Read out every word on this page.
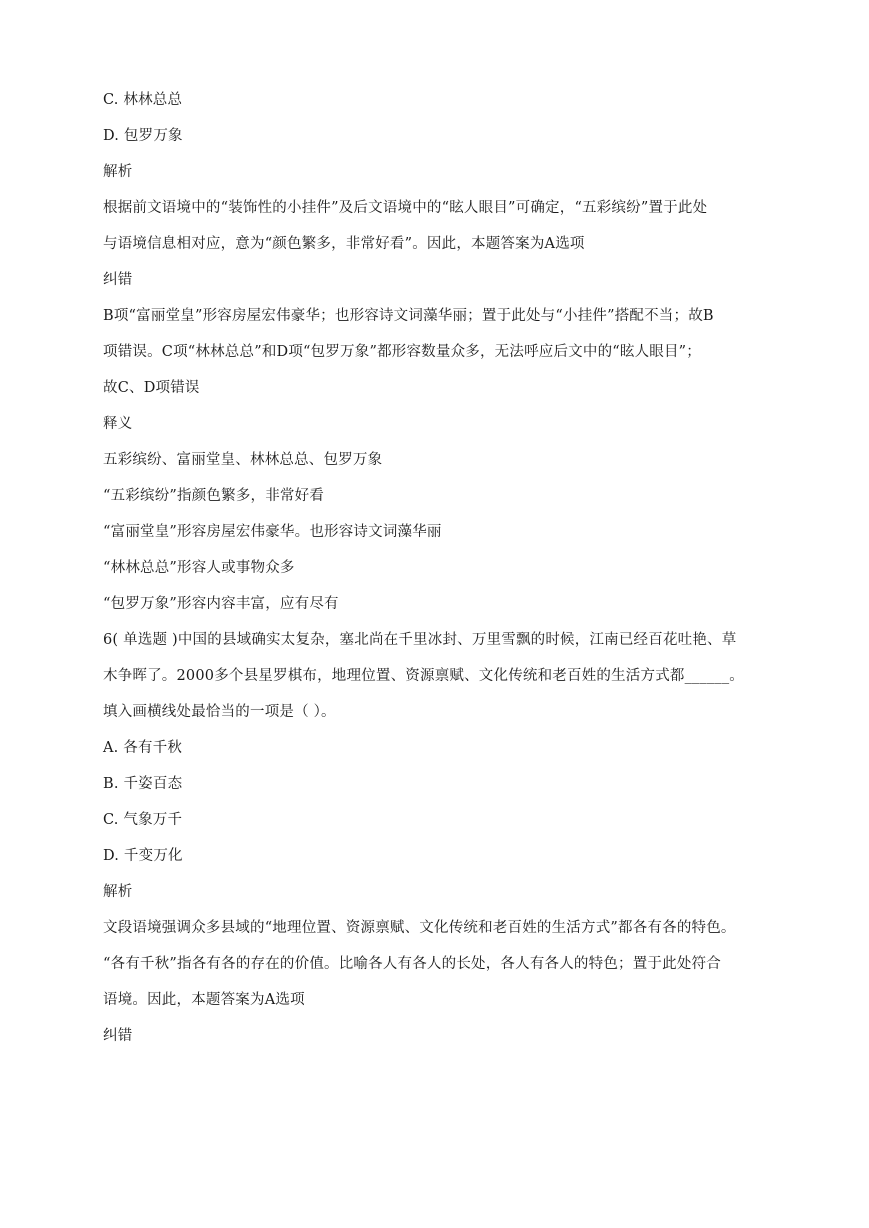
C. 林林总总
D. 包罗万象
解析
根据前文语境中的“装饰性的小挂件”及后文语境中的“眩人眼目”可确定，“五彩缤纷”置于此处
与语境信息相对应，意为“颜色繁多，非常好看”。因此，本题答案为A选项
纠错
B项“富丽堂皇”形容房屋宏伟豪华；也形容诗文词藻华丽；置于此处与“小挂件”搭配不当；故B
项错误。C项“林林总总”和D项“包罗万象”都形容数量众多，无法呼应后文中的“眩人眼目”；
故C、D项错误
释义
五彩缤纷、富丽堂皇、林林总总、包罗万象
“五彩缤纷”指颜色繁多，非常好看
“富丽堂皇”形容房屋宏伟豪华。也形容诗文词藻华丽
“林林总总”形容人或事物众多
“包罗万象”形容内容丰富，应有尽有
6( 单选题 )中国的县域确实太复杂，塞北尚在千里冰封、万里雪飘的时候，江南已经百花吐艳、草
木争晖了。2000多个县星罗棋布，地理位置、资源禀赋、文化传统和老百姓的生活方式都______。
填入画横线处最恰当的一项是（ ）。
A. 各有千秋
B. 千姿百态
C. 气象万千
D. 千变万化
解析
文段语境强调众多县域的“地理位置、资源禀赋、文化传统和老百姓的生活方式”都各有各的特色。
“各有千秋”指各有各的存在的价值。比喻各人有各人的长处，各人有各人的特色；置于此处符合
语境。因此，本题答案为A选项
纠错
